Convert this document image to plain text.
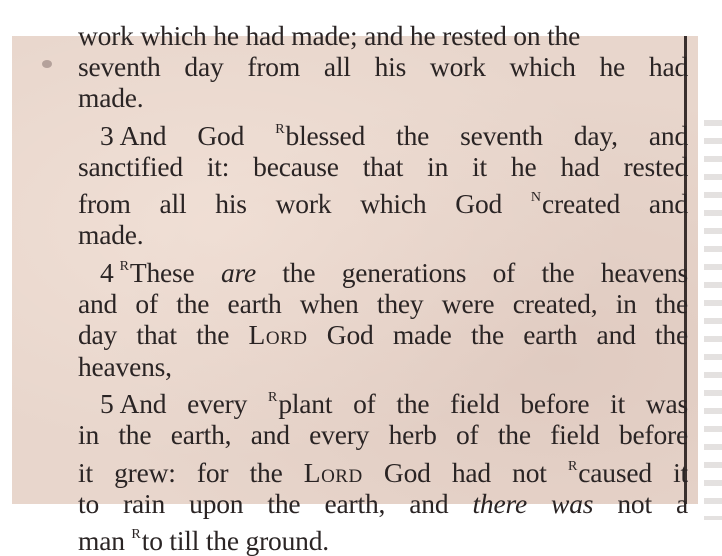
work which he had made; and he rested on the
seventh day from all his work which he had
made.
3 And God $^R$blessed the seventh day, and
sanctified it: because that in it he had rested
from all his work which God $^N$created and
made.
4 $^R$These are the generations of the heavens
and of the earth when they were created, in the
day that the Lord God made the earth and the
heavens,
5 And every $^R$plant of the field before it was
in the earth, and every herb of the field before
it grew: for the Lord God had not $^R$caused it
to rain upon the earth, and there was not a
man $^R$to till the ground.
